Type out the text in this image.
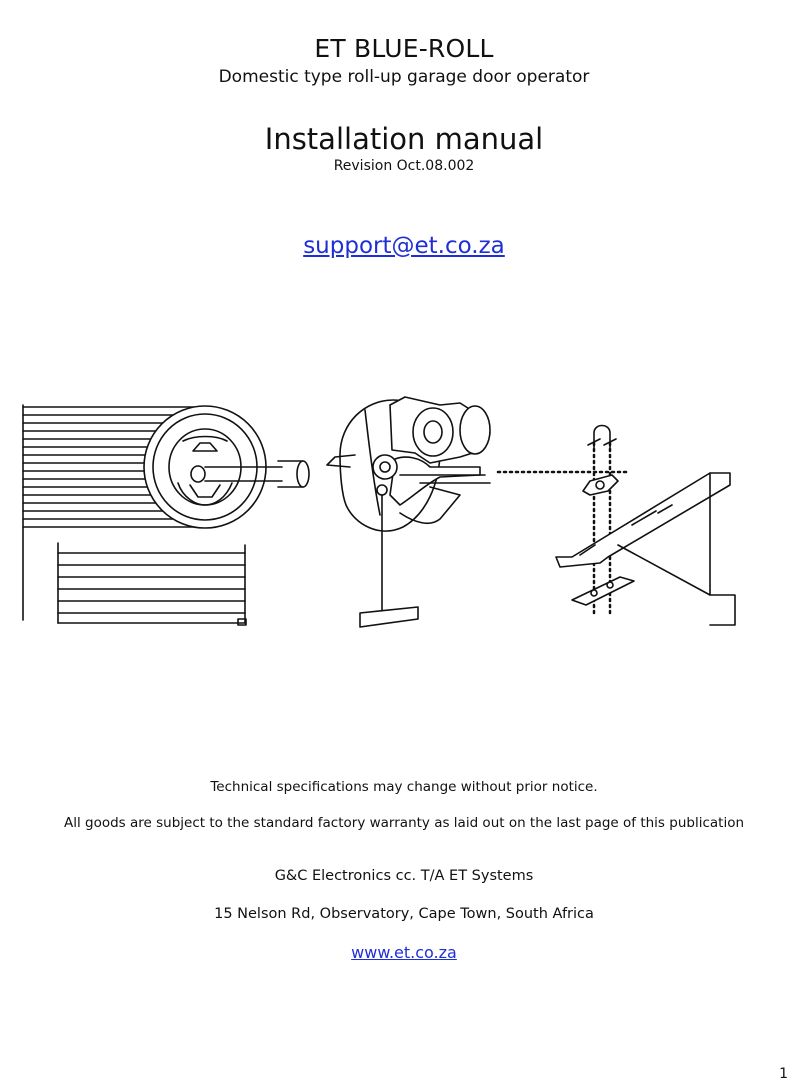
ET BLUE-ROLL
Domestic type roll-up garage door operator
Installation manual
Revision Oct.08.002
support@et.co.za
Technical specifications may change without prior notice.
All goods are subject to the standard factory warranty as laid out on the last page of this publication
G&C Electronics cc. T/A ET Systems
15 Nelson Rd, Observatory, Cape Town, South Africa
www.et.co.za
1
